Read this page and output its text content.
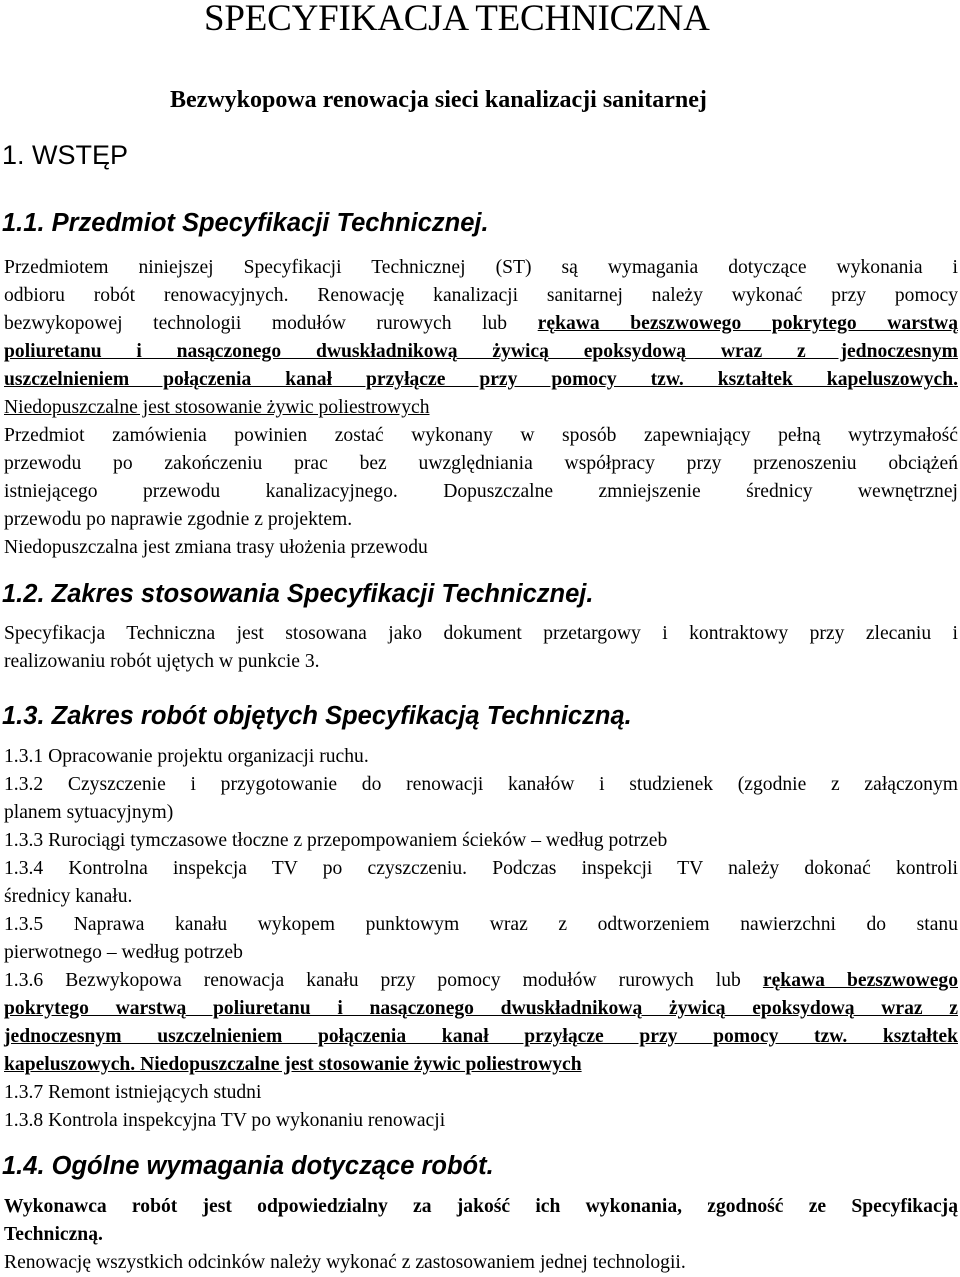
SPECYFIKACJA TECHNICZNA
Bezwykopowa renowacja sieci kanalizacji sanitarnej
1. WSTĘP
1.1. Przedmiot Specyfikacji Technicznej.
Przedmiotem niniejszej Specyfikacji Technicznej (ST) są wymagania dotyczące wykonania i
odbioru robót renowacyjnych. Renowację kanalizacji sanitarnej należy wykonać przy pomocy
bezwykopowej technologii modułów rurowych lub rękawa bezszwowego pokrytego warstwą
poliuretanu i nasączonego dwuskładnikową żywicą epoksydową wraz z jednoczesnym
uszczelnieniem połączenia kanał przyłącze przy pomocy tzw. kształtek kapeluszowych.
Niedopuszczalne jest stosowanie żywic poliestrowych
Przedmiot zamówienia powinien zostać wykonany w sposób zapewniający pełną wytrzymałość
przewodu po zakończeniu prac bez uwzględniania współpracy przy przenoszeniu obciążeń
istniejącego przewodu kanalizacyjnego. Dopuszczalne zmniejszenie średnicy wewnętrznej
przewodu po naprawie zgodnie z projektem.
Niedopuszczalna jest zmiana trasy ułożenia przewodu
1.2. Zakres stosowania Specyfikacji Technicznej.
Specyfikacja Techniczna jest stosowana jako dokument przetargowy i kontraktowy przy zlecaniu i
realizowaniu robót ujętych w punkcie 3.
1.3. Zakres robót objętych Specyfikacją Techniczną.
1.3.1 Opracowanie projektu organizacji ruchu.
1.3.2 Czyszczenie i przygotowanie do renowacji kanałów i studzienek (zgodnie z załączonym
planem sytuacyjnym)
1.3.3 Rurociągi tymczasowe tłoczne z przepompowaniem ścieków – według potrzeb
1.3.4 Kontrolna inspekcja TV po czyszczeniu. Podczas inspekcji TV należy dokonać kontroli
średnicy kanału.
1.3.5 Naprawa kanału wykopem punktowym wraz z odtworzeniem nawierzchni do stanu
pierwotnego – według potrzeb
1.3.6 Bezwykopowa renowacja kanału przy pomocy modułów rurowych lub rękawa bezszwowego
pokrytego warstwą poliuretanu i nasączonego dwuskładnikową żywicą epoksydową wraz z
jednoczesnym uszczelnieniem połączenia kanał przyłącze przy pomocy tzw. kształtek
kapeluszowych. Niedopuszczalne jest stosowanie żywic poliestrowych
1.3.7 Remont istniejących studni
1.3.8 Kontrola inspekcyjna TV po wykonaniu renowacji
1.4. Ogólne wymagania dotyczące robót.
Wykonawca robót jest odpowiedzialny za jakość ich wykonania, zgodność ze Specyfikacją
Techniczną.
Renowację wszystkich odcinków należy wykonać z zastosowaniem jednej technologii.
